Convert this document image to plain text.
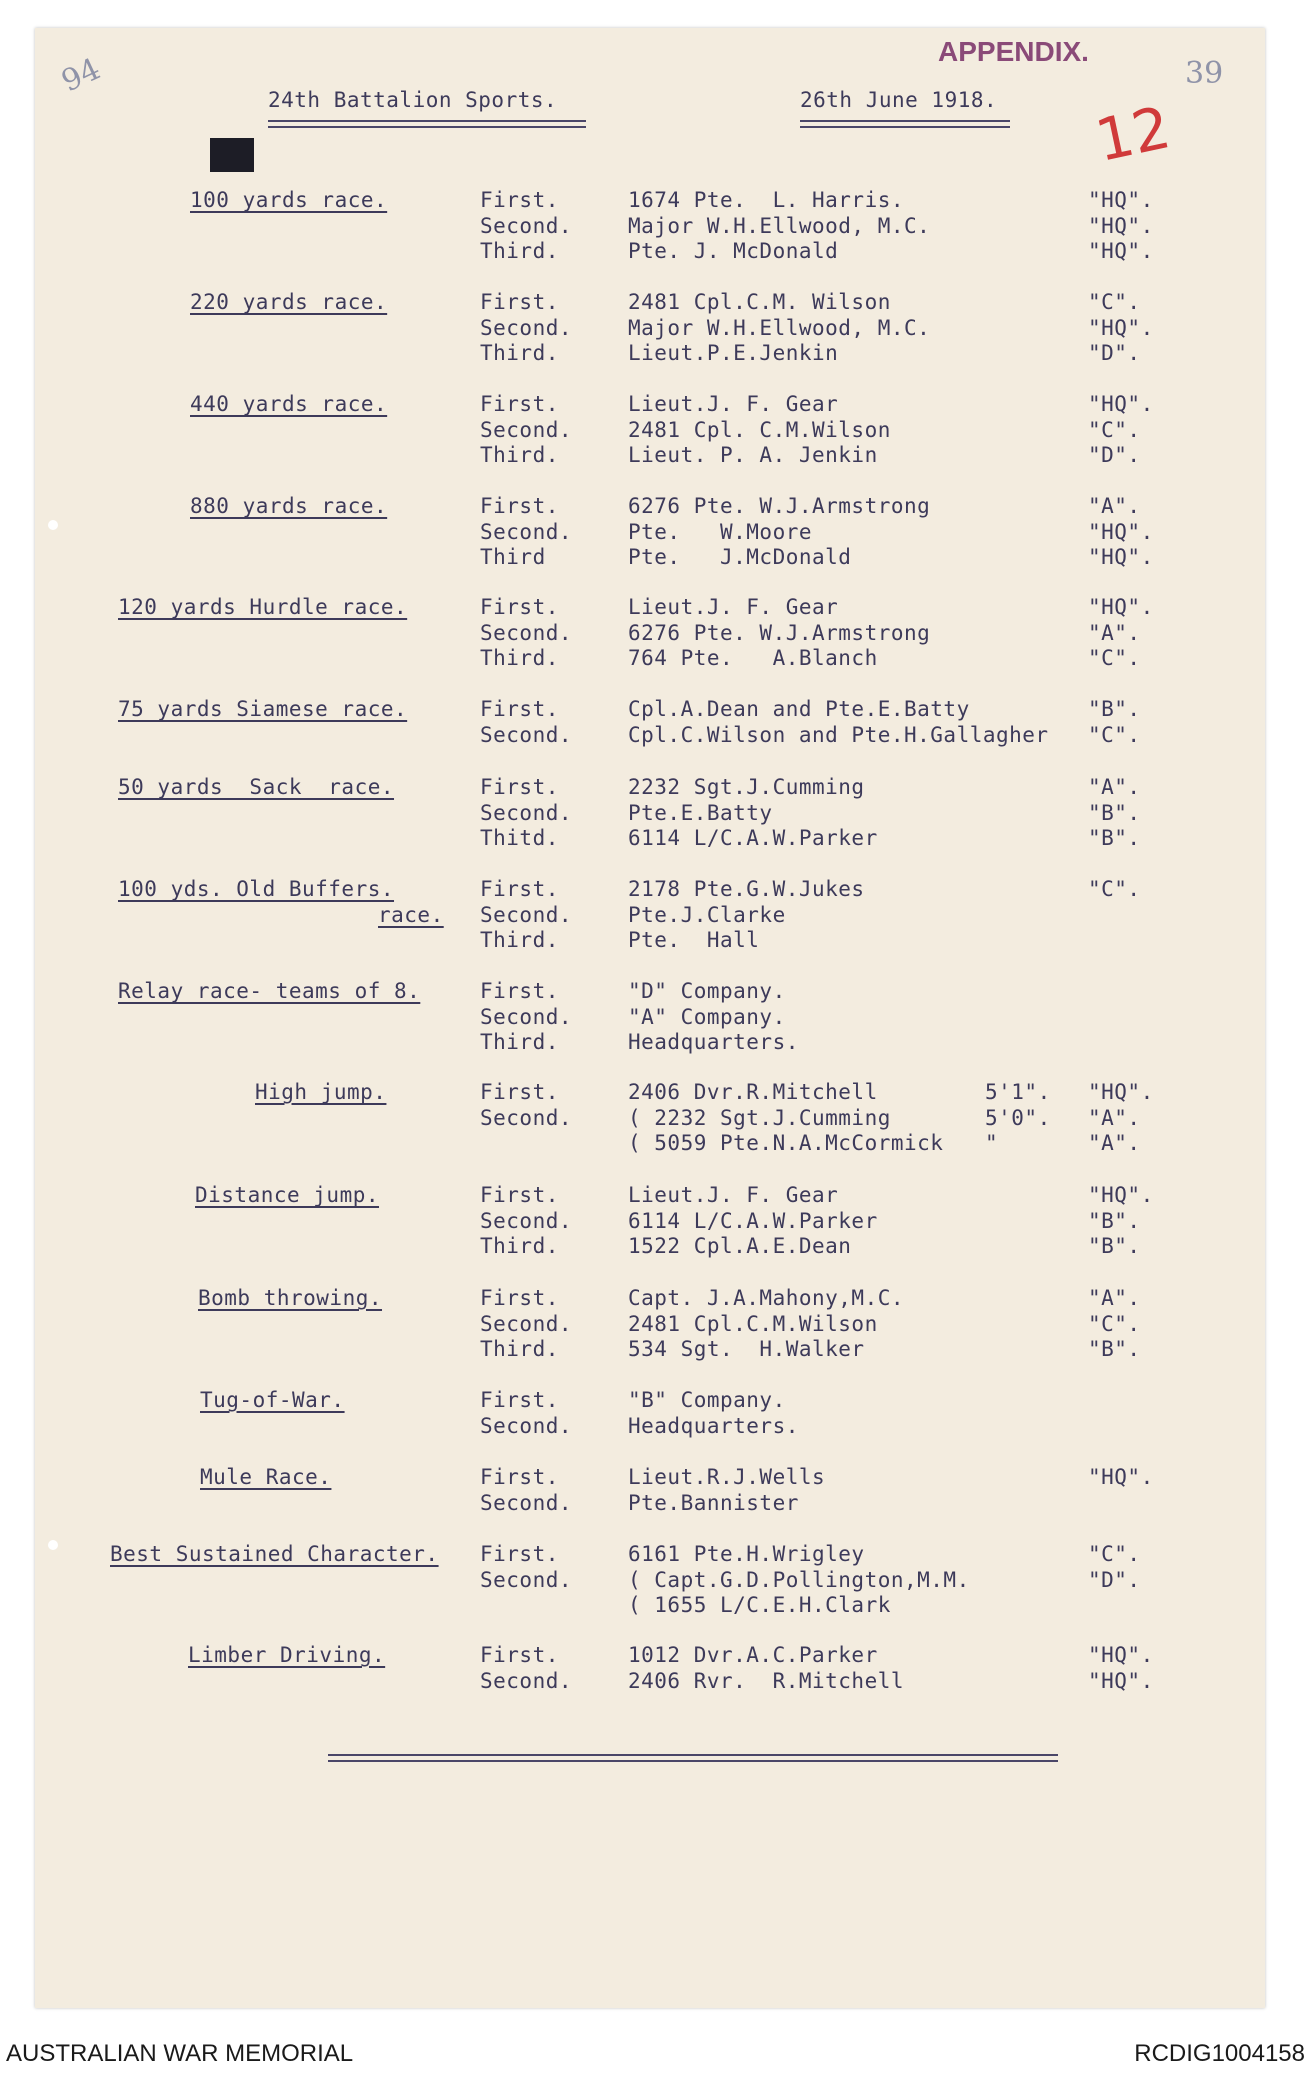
APPENDIX.
39
94
12
24th Battalion Sports.	26th June 1918.
100 yards race.	First.	1674 Pte.  L. Harris.	"HQ".
Second.	Major W.H.Ellwood, M.C.	"HQ".
Third.	Pte. J. McDonald	"HQ".
220 yards race.	First.	2481 Cpl.C.M. Wilson	"C".
Second.	Major W.H.Ellwood, M.C.	"HQ".
Third.	Lieut.P.E.Jenkin	"D".
440 yards race.	First.	Lieut.J. F. Gear	"HQ".
Second.	2481 Cpl. C.M.Wilson	"C".
Third.	Lieut. P. A. Jenkin	"D".
880 yards race.	First.	6276 Pte. W.J.Armstrong	"A".
Second.	Pte.   W.Moore	"HQ".
Third	Pte.   J.McDonald	"HQ".
120 yards Hurdle race.	First.	Lieut.J. F. Gear	"HQ".
Second.	6276 Pte. W.J.Armstrong	"A".
Third.	764 Pte.   A.Blanch	"C".
75 yards Siamese race.	First.	Cpl.A.Dean and Pte.E.Batty	"B".
Second.	Cpl.C.Wilson and Pte.H.Gallagher "C".
50 yards  Sack  race.	First.	2232 Sgt.J.Cumming	"A".
Second.	Pte.E.Batty	"B".
Thitd.	6114 L/C.A.W.Parker	"B".
100 yds. Old Buffers.
race.
First.	2178 Pte.G.W.Jukes	"C".
Second.	Pte.J.Clarke
Third.	Pte.  Hall
Relay race- teams of 8.	First.	"D" Company.
Second.	"A" Company.
Third.	Headquarters.
High jump.	First.	2406 Dvr.R.Mitchell	5'1". "HQ".
Second.	( 2232 Sgt.J.Cumming	5'0". "A".
( 5059 Pte.N.A.McCormick "	"A".
Distance jump.	First.	Lieut.J. F. Gear	"HQ".
Second.	6114 L/C.A.W.Parker	"B".
Third.	1522 Cpl.A.E.Dean	"B".
Bomb throwing.	First.	Capt. J.A.Mahony,M.C.	"A".
Second.	2481 Cpl.C.M.Wilson	"C".
Third.	534 Sgt.  H.Walker	"B".
Tug-of-War.	First.	"B" Company.
Second.	Headquarters.
Mule Race.	First.	Lieut.R.J.Wells	"HQ".
Second.	Pte.Bannister
Best Sustained Character. First.	6161 Pte.H.Wrigley	"C".
Second.	( Capt.G.D.Pollington,M.M.	"D".
( 1655 L/C.E.H.Clark
Limber Driving.	First.	1012 Dvr.A.C.Parker	"HQ".
Second.	2406 Rvr.  R.Mitchell	"HQ".
AUSTRALIAN WAR MEMORIAL	RCDIG1004158
